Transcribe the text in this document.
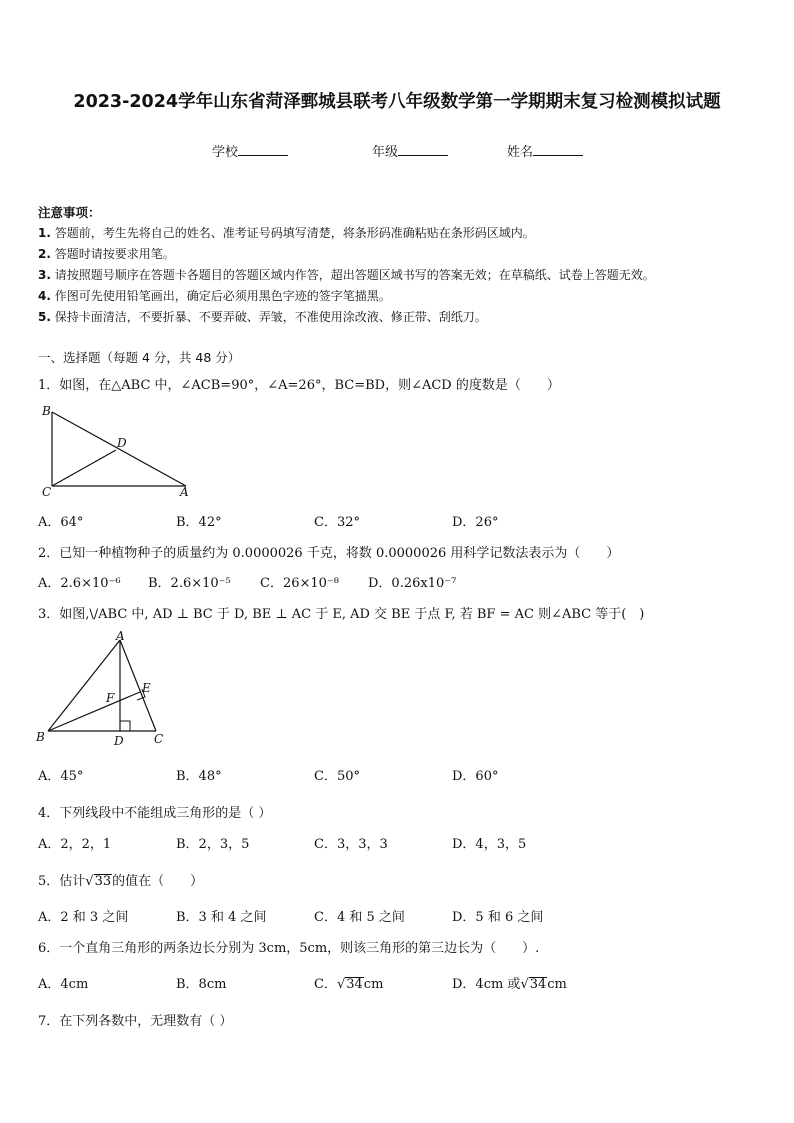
2023-2024学年山东省菏泽鄄城县联考八年级数学第一学期期末复习检测模拟试题
学校	年级	姓名
注意事项：
1. 答题前，考生先将自己的姓名、准考证号码填写清楚，将条形码准确粘贴在条形码区域内。
2. 答题时请按要求用笔。
3. 请按照题号顺序在答题卡各题目的答题区域内作答，超出答题区域书写的答案无效；在草稿纸、试卷上答题无效。
4. 作图可先使用铅笔画出，确定后必须用黑色字迹的签字笔描黑。
5. 保持卡面清洁，不要折暴、不要弄破、弄皱，不准使用涂改液、修正带、刮纸刀。
一、选择题（每题 4 分，共 48 分）
1．如图，在△ABC 中，∠ACB=90°，∠A=26°，BC=BD，则∠ACD 的度数是（　　）
B
C	A
D
A．64°	B．42°	C．32°	D．26°
2．已知一种植物种子的质量约为 0.0000026 千克，将数 0.0000026 用科学记数法表示为（　　）
A．2.6×10⁻⁶ B．2.6×10⁻⁵ C．26×10⁻⁸ D．0.26x10⁻⁷
3．如图,\/ABC 中, AD ⊥ BC 于 D, BE ⊥ AC 于 E, AD 交 BE 于点 F, 若 BF = AC 则∠ABC 等于(　)
A
B	C
D
E
F
A．45°	B．48°	C．50°	D．60°
4．下列线段中不能组成三角形的是（ ）
A．2，2，1	B．2，3，5	C．3，3，3	D．4，3，5
5．估计√33的值在（　　）
A．2 和 3 之间	B．3 和 4 之间	C．4 和 5 之间	D．5 和 6 之间
6．一个直角三角形的两条边长分别为 3cm，5cm，则该三角形的第三边长为（　　）.
A．4cm	B．8cm	C．√34cm	D．4cm 或√34cm
7．在下列各数中，无理数有（ ）
